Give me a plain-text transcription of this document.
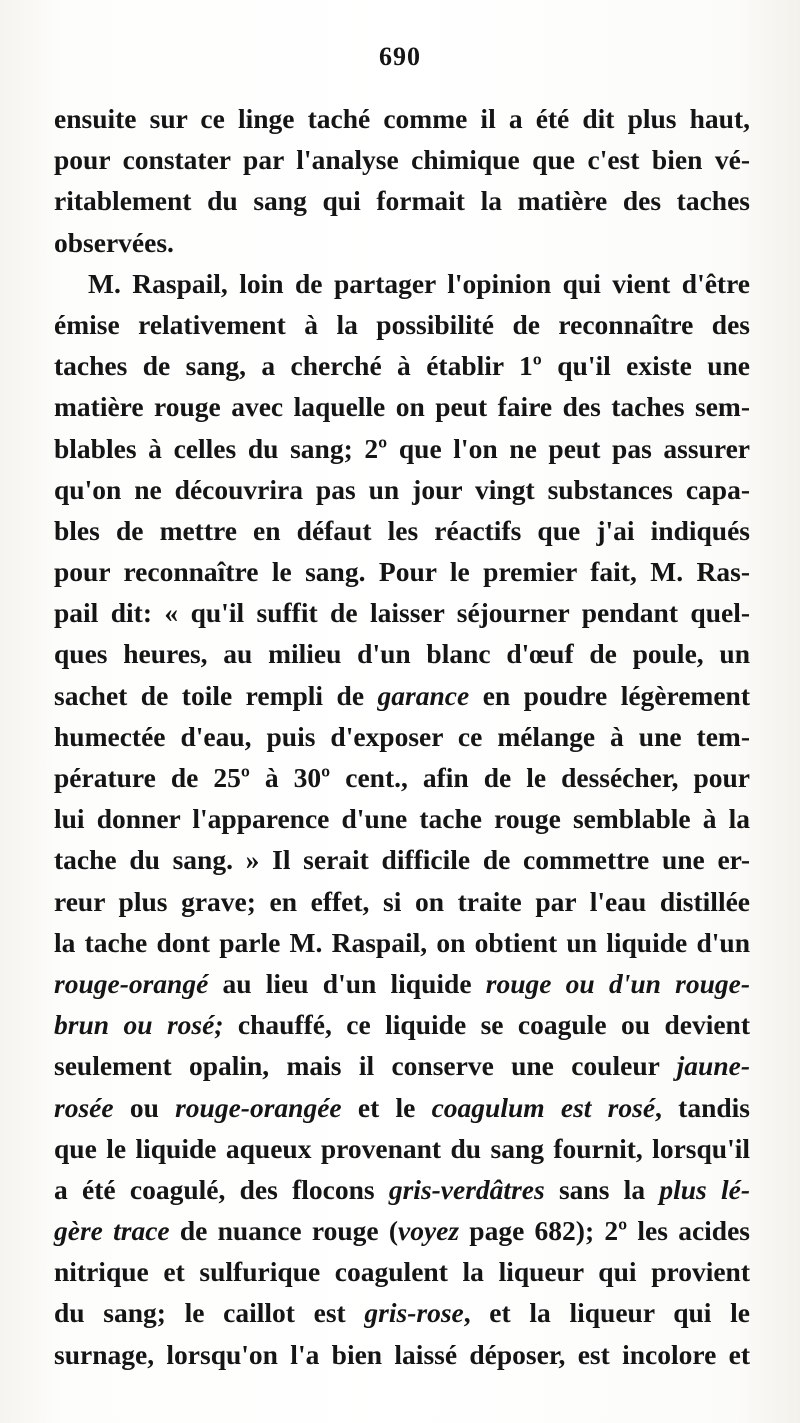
690
ensuite sur ce linge taché comme il a été dit plus haut,
pour constater par l'analyse chimique que c'est bien vé-
ritablement du sang qui formait la matière des taches
observées.
M. Raspail, loin de partager l'opinion qui vient d'être
émise relativement à la possibilité de reconnaître des
taches de sang, a cherché à établir 1º qu'il existe une
matière rouge avec laquelle on peut faire des taches sem-
blables à celles du sang; 2º que l'on ne peut pas assurer
qu'on ne découvrira pas un jour vingt substances capa-
bles de mettre en défaut les réactifs que j'ai indiqués
pour reconnaître le sang. Pour le premier fait, M. Ras-
pail dit: « qu'il suffit de laisser séjourner pendant quel-
ques heures, au milieu d'un blanc d'œuf de poule, un
sachet de toile rempli de garance en poudre légèrement
humectée d'eau, puis d'exposer ce mélange à une tem-
pérature de 25º à 30º cent., afin de le dessécher, pour
lui donner l'apparence d'une tache rouge semblable à la
tache du sang. » Il serait difficile de commettre une er-
reur plus grave; en effet, si on traite par l'eau distillée
la tache dont parle M. Raspail, on obtient un liquide d'un
rouge-orangé au lieu d'un liquide rouge ou d'un rouge-
brun ou rosé; chauffé, ce liquide se coagule ou devient
seulement opalin, mais il conserve une couleur jaune-
rosée ou rouge-orangée et le coagulum est rosé, tandis
que le liquide aqueux provenant du sang fournit, lorsqu'il
a été coagulé, des flocons gris-verdâtres sans la plus lé-
gère trace de nuance rouge (voyez page 682); 2º les acides
nitrique et sulfurique coagulent la liqueur qui provient
du sang; le caillot est gris-rose, et la liqueur qui le
surnage, lorsqu'on l'a bien laissé déposer, est incolore et
